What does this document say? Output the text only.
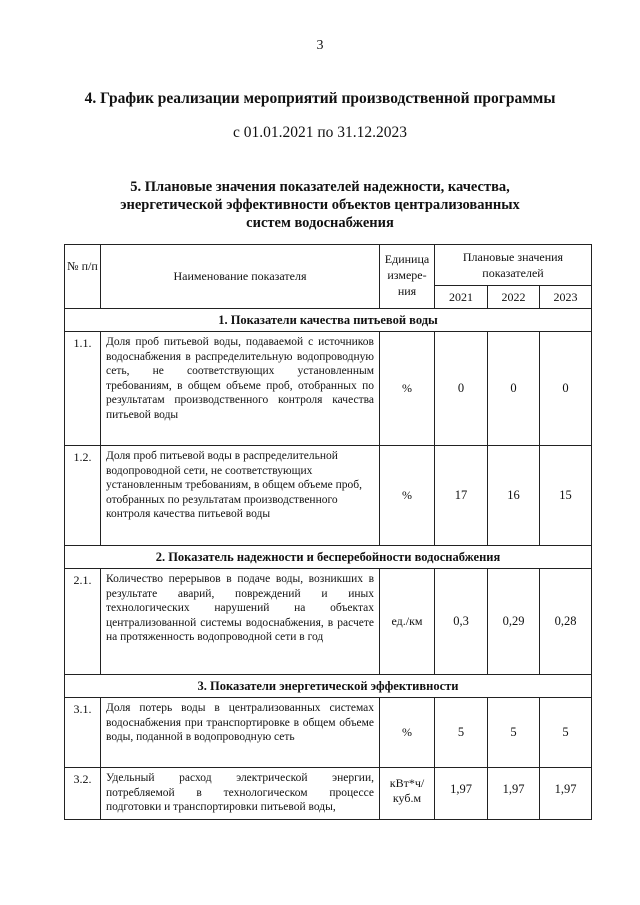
3
4. График реализации мероприятий производственной программы
с 01.01.2021 по 31.12.2023
5. Плановые значения показателей надежности, качества,
энергетической эффективности объектов централизованных
систем водоснабжения
№ п/п	Наименование показателя	Единица измере-ния	Плановые значения показателей		
			2021	2022	2023
1. Показатели качества питьевой воды					
1.1.	Доля проб питьевой воды, подаваемой с источников водоснабжения в распределительную водопроводную сеть, не соответствующих установленным требованиям, в общем объеме проб, отобранных по результатам производственного контроля качества питьевой воды	%	0	0	0
1.2.	Доля проб питьевой воды в распределительной водопроводной сети, не соответствующих установленным требованиям, в общем объеме проб, отобранных по результатам производственного контроля качества питьевой воды	%	17	16	15
2. Показатель надежности и бесперебойности водоснабжения					
2.1.	Количество перерывов в подаче воды, возникших в результате аварий, повреждений и иных технологических нарушений на объектах централизованной системы водоснабжения, в расчете на протяженность водопроводной сети в год	ед./км	0,3	0,29	0,28
3. Показатели энергетической эффективности					
3.1.	Доля потерь воды в централизованных системах водоснабжения при транспортировке в общем объеме воды, поданной в водопроводную сеть	%	5	5	5
3.2.	Удельный расход электрической энергии, потребляемой в технологическом процессе подготовки и транспортировки питьевой воды,	кВт*ч/ куб.м	1,97	1,97	1,97
